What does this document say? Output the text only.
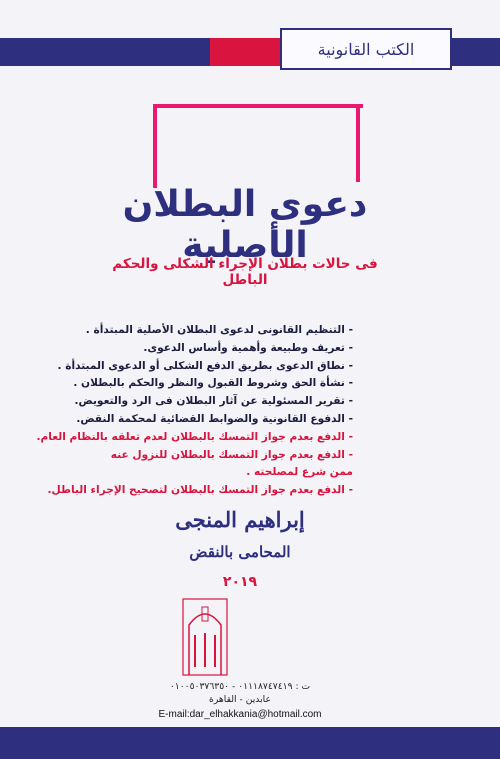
الكتب القانونية
دعوى البطلان الأصلية
فى حالات بطلان الإجراء الشكلى والحكم الباطل
- التنظيم القانونى لدعوى البطلان الأصلية المبتدأة .
- تعريف وطبيعة وأهمية وأساس الدعوى.
- نطاق الدعوى بطريق الدفع الشكلى أو الدعوى المبتدأة .
- نشأة الحق وشروط القبول والنظر والحكم بالبطلان .
- تقرير المسئولية عن آثار البطلان فى الرد والتعويض.
- الدفوع القانونية والضوابط القضائية لمحكمة النقض.
- الدفع بعدم جواز التمسك بالبطلان لعدم تعلقه بالنظام العام.
- الدفع بعدم جواز التمسك بالبطلان للنزول عنه ممن شرع لمصلحته .
- الدفع بعدم جواز التمسك بالبطلان لتصحيح الإجراء الباطل.
إبراهيم المنجى
المحامى بالنقض
٢٠١٩
ت : ٠١١١٨٧٤٧٤١٩ - ٠١٠٠٥٠٣٧٦٣٥٠
عابدين - القاهرة
E-mail:dar_elhakkania@hotmail.com
